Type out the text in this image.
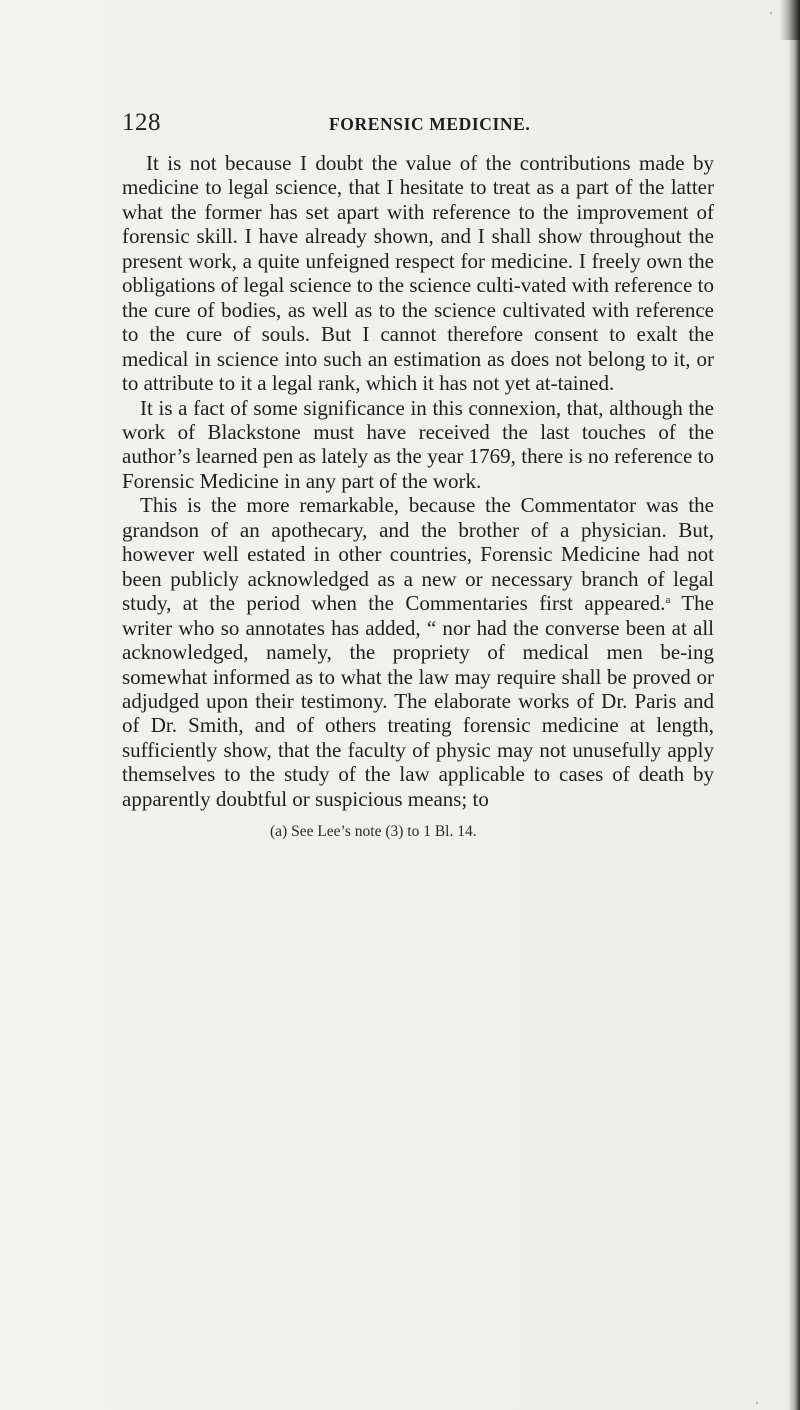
128	FORENSIC MEDICINE.

It is not because I doubt the value of the contributions made by medicine to legal science, that I hesitate to treat as a part of the latter what the former has set apart with reference to the improvement of forensic skill. I have already shown, and I shall show throughout the present work, a quite unfeigned respect for medicine. I freely own the obligations of legal science to the science culti-vated with reference to the cure of bodies, as well as to the science cultivated with reference to the cure of souls. But I cannot therefore consent to exalt the medical in science into such an estimation as does not belong to it, or to attribute to it a legal rank, which it has not yet at-tained.

It is a fact of some significance in this connexion, that, although the work of Blackstone must have received the last touches of the author’s learned pen as lately as the year 1769, there is no reference to Forensic Medicine in any part of the work.

This is the more remarkable, because the Commentator was the grandson of an apothecary, and the brother of a physician. But, however well estated in other countries, Forensic Medicine had not been publicly acknowledged as a new or necessary branch of legal study, at the period when the Commentaries first appeared.$^a$ The writer who so annotates has added, “ nor had the converse been at all acknowledged, namely, the propriety of medical men be-ing somewhat informed as to what the law may require shall be proved or adjudged upon their testimony. The elaborate works of Dr. Paris and of Dr. Smith, and of others treating forensic medicine at length, sufficiently show, that the faculty of physic may not unusefully apply themselves to the study of the law applicable to cases of death by apparently doubtful or suspicious means; to

(a) See Lee’s note (3) to 1 Bl. 14.
